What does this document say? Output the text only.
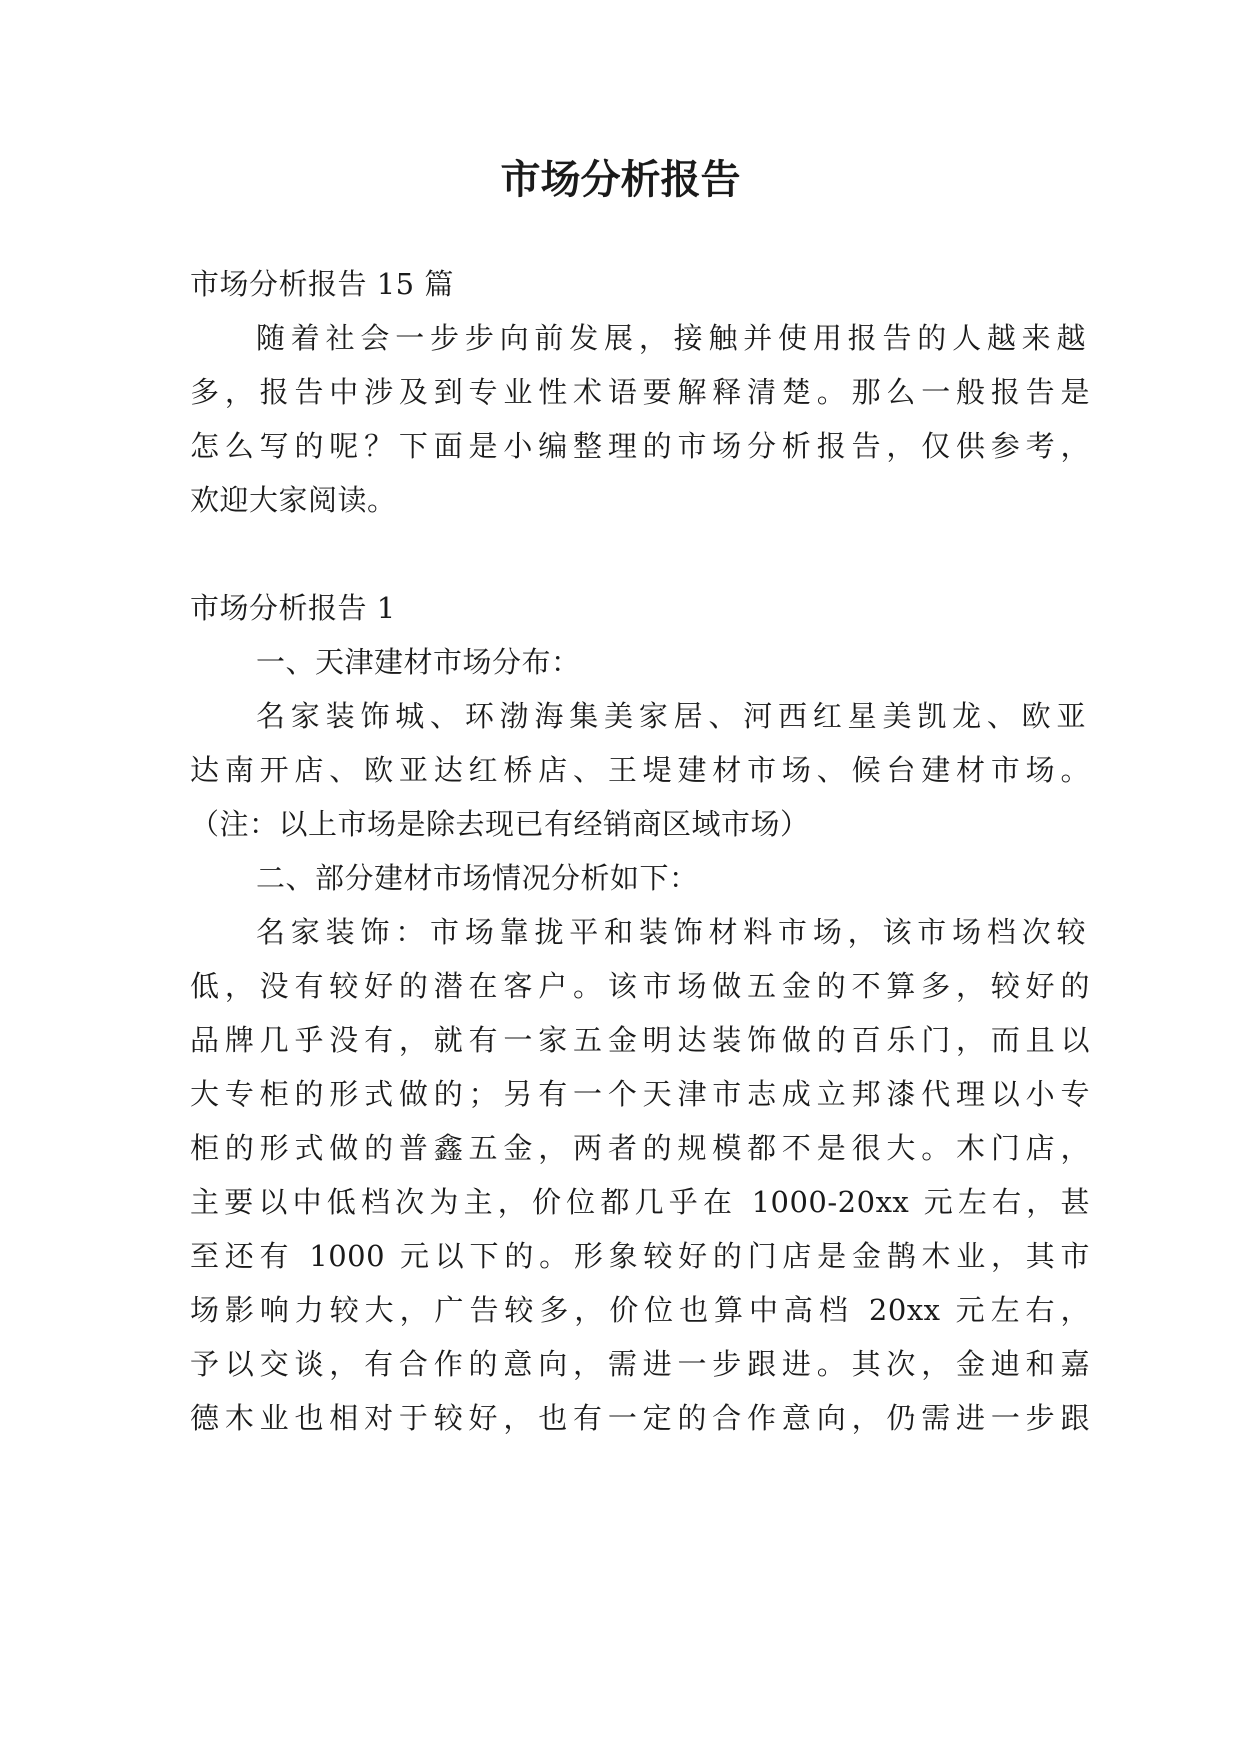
市场分析报告
市场分析报告 15 篇
随着社会一步步向前发展，接触并使用报告的人越来越
多，报告中涉及到专业性术语要解释清楚。那么一般报告是
怎么写的呢？下面是小编整理的市场分析报告，仅供参考，
欢迎大家阅读。
市场分析报告 1
一、天津建材市场分布：
名家装饰城、环渤海集美家居、河西红星美凯龙、欧亚
达南开店、欧亚达红桥店、王堤建材市场、候台建材市场。
（注：以上市场是除去现已有经销商区域市场）
二、部分建材市场情况分析如下：
名家装饰：市场靠拢平和装饰材料市场，该市场档次较
低，没有较好的潜在客户。该市场做五金的不算多，较好的
品牌几乎没有，就有一家五金明达装饰做的百乐门，而且以
大专柜的形式做的；另有一个天津市志成立邦漆代理以小专
柜的形式做的普鑫五金，两者的规模都不是很大。木门店，
主要以中低档次为主，价位都几乎在 1000-20xx 元左右，甚
至还有 1000 元以下的。形象较好的门店是金鹊木业，其市
场影响力较大，广告较多，价位也算中高档 20xx 元左右，
予以交谈，有合作的意向，需进一步跟进。其次，金迪和嘉
德木业也相对于较好，也有一定的合作意向，仍需进一步跟
